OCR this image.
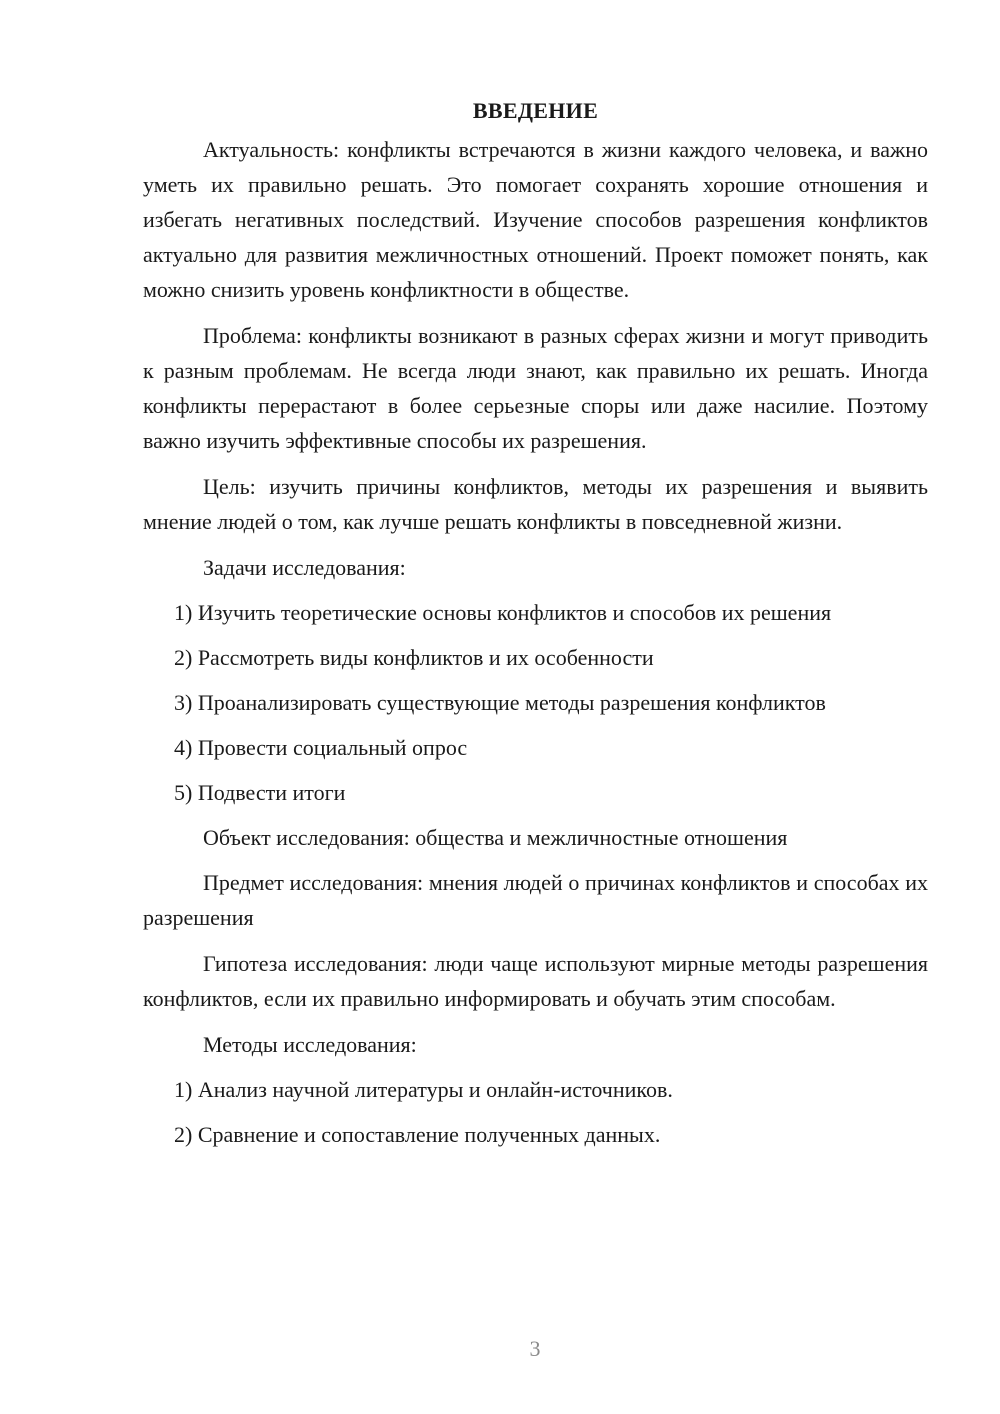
ВВЕДЕНИЕ

Актуальность: конфликты встречаются в жизни каждого человека, и важно уметь их правильно решать. Это помогает сохранять хорошие отношения и избегать негативных последствий. Изучение способов разрешения конфликтов актуально для развития межличностных отношений. Проект поможет понять, как можно снизить уровень конфликтности в обществе.

Проблема: конфликты возникают в разных сферах жизни и могут приводить к разным проблемам. Не всегда люди знают, как правильно их решать. Иногда конфликты перерастают в более серьезные споры или даже насилие. Поэтому важно изучить эффективные способы их разрешения.

Цель: изучить причины конфликтов, методы их разрешения и выявить мнение людей о том, как лучше решать конфликты в повседневной жизни.

Задачи исследования:
1) Изучить теоретические основы конфликтов и способов их решения
2) Рассмотреть виды конфликтов и их особенности
3) Проанализировать существующие методы разрешения конфликтов
4) Провести социальный опрос
5) Подвести итоги
Объект исследования: общества и межличностные отношения

Предмет исследования: мнения людей о причинах конфликтов и способах их разрешения

Гипотеза исследования: люди чаще используют мирные методы разрешения конфликтов, если их правильно информировать и обучать этим способам.

Методы исследования:
1) Анализ научной литературы и онлайн-источников.
2) Сравнение и сопоставление полученных данных.
3
